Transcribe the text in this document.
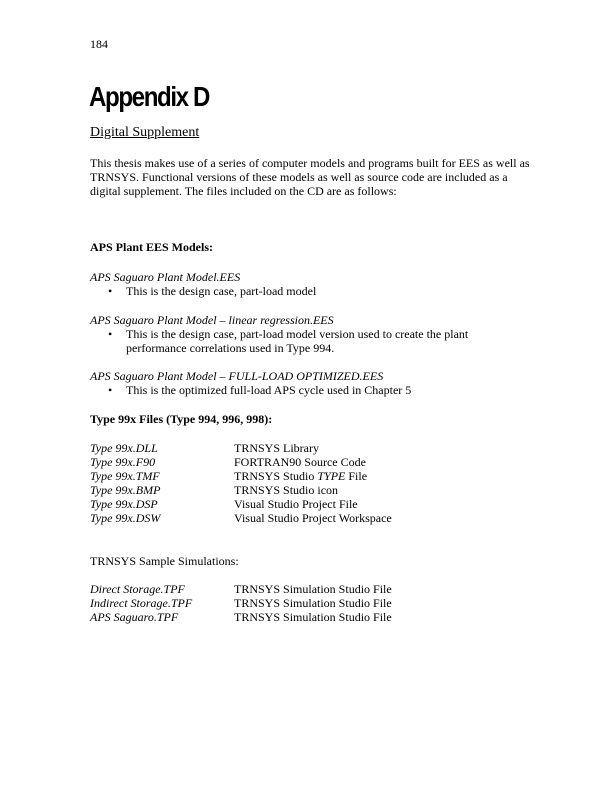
184
Appendix D
Digital Supplement
This thesis makes use of a series of computer models and programs built for EES as well as TRNSYS. Functional versions of these models as well as source code are included as a digital supplement. The files included on the CD are as follows:
APS Plant EES Models:
APS Saguaro Plant Model.EES
•	This is the design case, part-load model
APS Saguaro Plant Model – linear regression.EES
•	This is the design case, part-load model version used to create the plant performance correlations used in Type 994.
APS Saguaro Plant Model – FULL-LOAD OPTIMIZED.EES
•	This is the optimized full-load APS cycle used in Chapter 5
Type 99x Files (Type 994, 996, 998):
Type 99x.DLL	TRNSYS Library
Type 99x.F90	FORTRAN90 Source Code
Type 99x.TMF	TRNSYS Studio TYPE File
Type 99x.BMP	TRNSYS Studio icon
Type 99x.DSP	Visual Studio Project File
Type 99x.DSW	Visual Studio Project Workspace
TRNSYS Sample Simulations:
Direct Storage.TPF	TRNSYS Simulation Studio File
Indirect Storage.TPF	TRNSYS Simulation Studio File
APS Saguaro.TPF	TRNSYS Simulation Studio File
